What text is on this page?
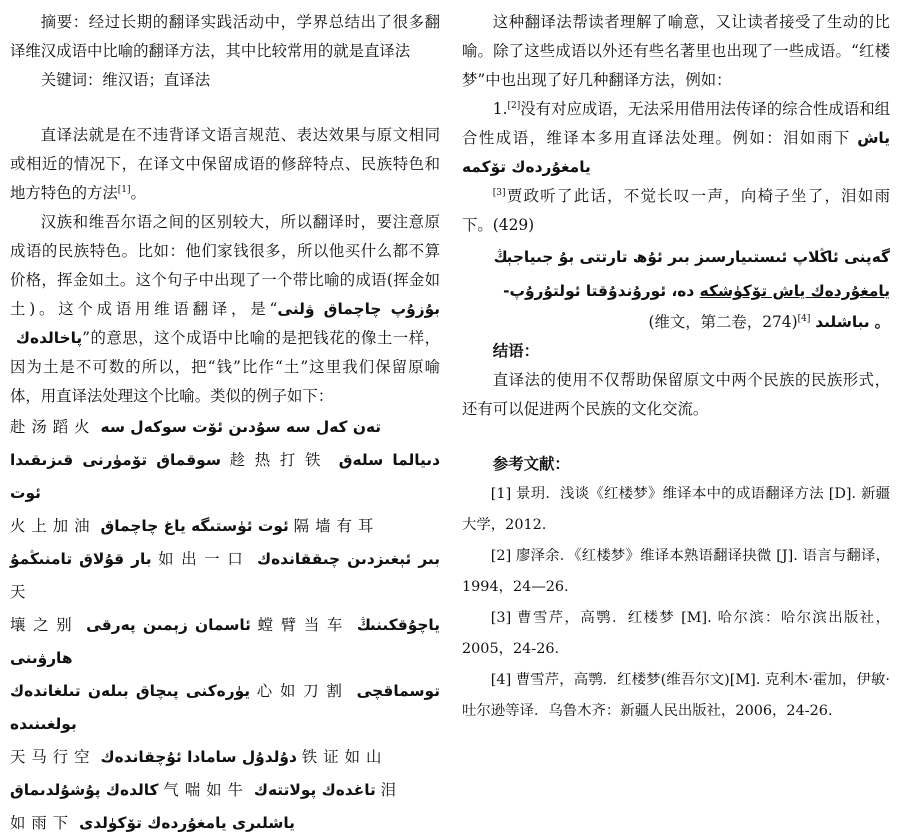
摘要：经过长期的翻译实践活动中，学界总结出了很多翻译维汉成语中比喻的翻译方法，其中比较常用的就是直译法

关键词：维汉语；直译法

直译法就是在不违背译文语言规范、表达效果与原文相同或相近的情况下，在译文中保留成语的修辞特点、民族特色和地方特色的方法[1]。

汉族和维吾尔语之间的区别较大，所以翻译时，要注意原成语的民族特色。比如：他们家钱很多，所以他买什么都不算价格，挥金如土。这个句子中出现了一个带比喻的成语(挥金如土)。这个成语用维语翻译，是“بۇزۇپ چاچماق ۋلنى پاخالدەك ”的意思，这个成语中比喻的是把钱花的像土一样，因为土是不可数的所以，把“钱”比作“土”这里我们保留原喻体，用直译法处理这个比喻。类似的例子如下：

赴汤蹈火 تەن كەل سە سۇدىن ئۆت سوكەل سە

سوقماق تۆمۈرنى قىزىقىدا 趁热打铁 دىيالما سلەق ئوت

火上加油 ئوت ئۈستىگە ياغ چاچماق 隔墙有耳

بار قۇلاق تامنىڭمۇ 如出一口 بىر ئېغىزدىن چىققاندەك 天

壤之别 ئاسمان زېمىن پەرقى 螳臂当车 ياچۇقكىنىڭ ھارۋىنى

يۈرەكنى پىچاق بىلەن تىلغاندەك 心如刀割 توسماقچى بولغىنىدە

天马行空 دۇلدۇل سامادا ئۇچقاندەك 铁证如山

كالدەك پۇشۇلدىماق 气喘如牛 تاغدەك پولاتتەك 泪

如雨下 ياشلىرى يامغۇردەك تۆكۈلدى

这种翻译法帮读者理解了喻意，又让读者接受了生动的比喻。除了这些成语以外还有些名著里也出现了一些成语。“红楼梦”中也出现了好几种翻译方法，例如：

1.[2]没有对应成语，无法采用借用法传译的综合性成语和组合性成语，维译本多用直译法处理。例如：泪如雨下 ياش يامغۇردەك تۆكمە

[3]贾政听了此话，不觉长叹一声，向椅子坐了，泪如雨下。(429)

گەپنى ئاڭلاپ ئىستىيارسىز بىر ئۇھ تارتتى بۇ جىياجېڭ

يامغۇردەك ياش تۆكۈشكە دە، ئورۇندۇقتا ئولتۇرۇپ-

(维文，第二卷，274)[4]	。 ىباشلىد

结语：

直译法的使用不仅帮助保留原文中两个民族的民族形式，还有可以促进两个民族的文化交流。

参考文献：

[1] 景玥．浅谈《红楼梦》维译本中的成语翻译方法 [D]. 新疆大学，2012.

[2] 廖泽余．《红楼梦》维译本熟语翻译抉微 [J]. 语言与翻译，1994，24—26.

[3] 曹雪芹，高鹗．红楼梦 [M]. 哈尔滨：哈尔滨出版社，2005，24-26.

[4] 曹雪芹，高鹗．红楼梦(维吾尔文)[M]. 克利木·霍加，伊敏·吐尔逊等译．乌鲁木齐：新疆人民出版社，2006，24-26.
